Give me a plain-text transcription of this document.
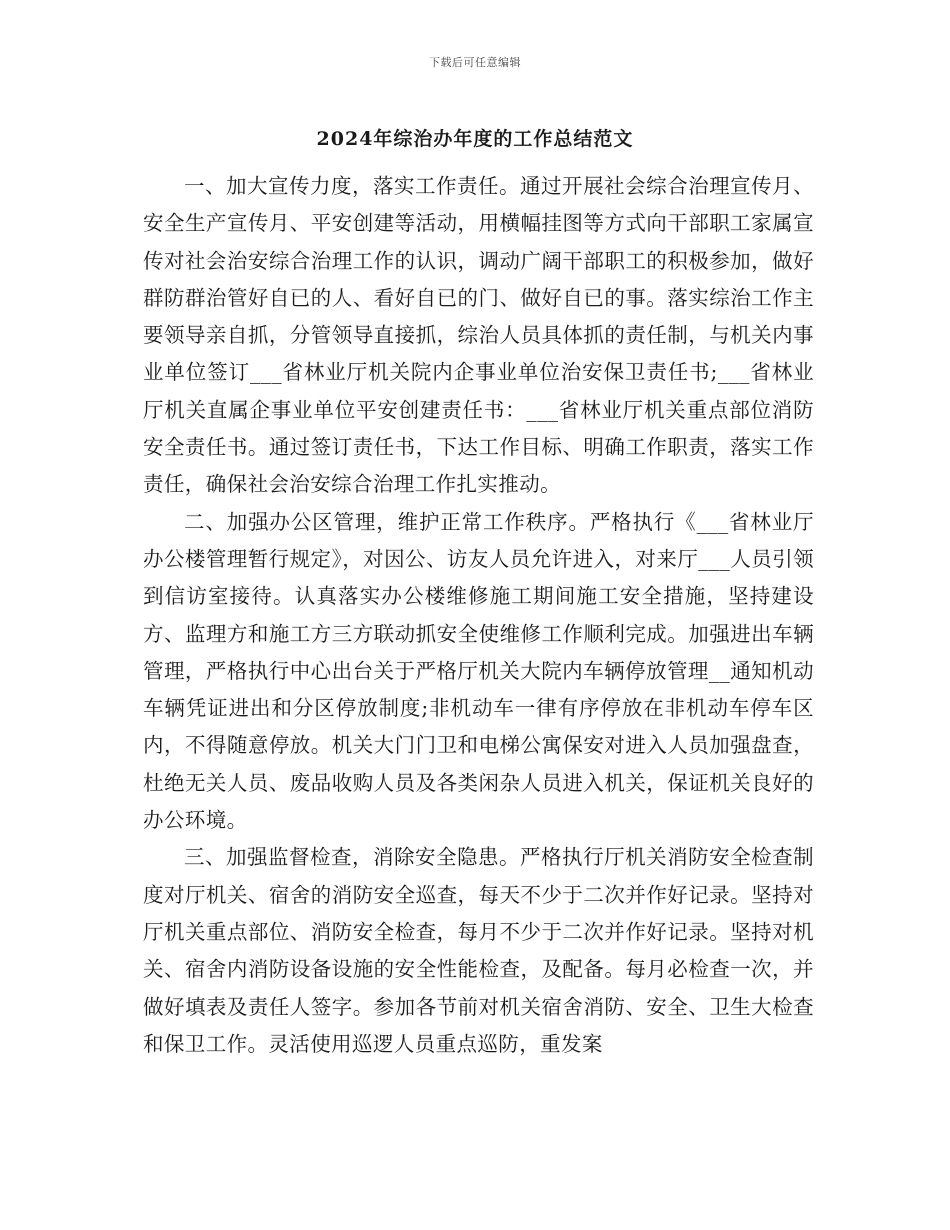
下载后可任意编辑
2024年综治办年度的工作总结范文

一、加大宣传力度，落实工作责任。通过开展社会综合治理宣传月、安全生产宣传月、平安创建等活动，用横幅挂图等方式向干部职工家属宣传对社会治安综合治理工作的认识，调动广阔干部职工的积极参加，做好群防群治管好自已的人、看好自已的门、做好自已的事。落实综治工作主要领导亲自抓，分管领导直接抓，综治人员具体抓的责任制，与机关内事业单位签订___省林业厅机关院内企事业单位治安保卫责任书;___省林业厅机关直属企事业单位平安创建责任书：___省林业厅机关重点部位消防安全责任书。通过签订责任书，下达工作目标、明确工作职责，落实工作责任，确保社会治安综合治理工作扎实推动。

二、加强办公区管理，维护正常工作秩序。严格执行《___省林业厅办公楼管理暂行规定》，对因公、访友人员允许进入，对来厅___人员引领到信访室接待。认真落实办公楼维修施工期间施工安全措施，坚持建设方、监理方和施工方三方联动抓安全使维修工作顺利完成。加强进出车辆管理，严格执行中心出台关于严格厅机关大院内车辆停放管理__通知机动车辆凭证进出和分区停放制度;非机动车一律有序停放在非机动车停车区内，不得随意停放。机关大门门卫和电梯公寓保安对进入人员加强盘查，杜绝无关人员、废品收购人员及各类闲杂人员进入机关，保证机关良好的办公环境。

三、加强监督检查，消除安全隐患。严格执行厅机关消防安全检查制度对厅机关、宿舍的消防安全巡查，每天不少于二次并作好记录。坚持对厅机关重点部位、消防安全检查，每月不少于二次并作好记录。坚持对机关、宿舍内消防设备设施的安全性能检查，及配备。每月必检查一次，并做好填表及责任人签字。参加各节前对机关宿舍消防、安全、卫生大检查和保卫工作。灵活使用巡逻人员重点巡防，重发案
